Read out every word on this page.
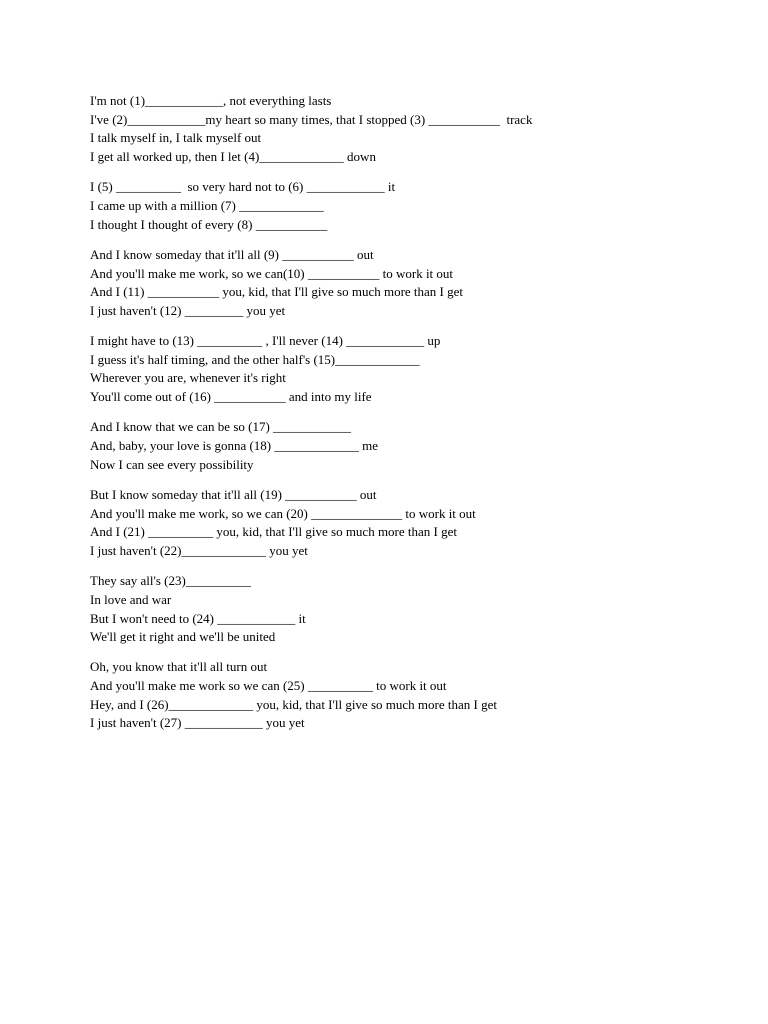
I'm not (1)____________, not everything lasts
I've (2)____________my heart so many times, that I stopped (3) ___________  track
I talk myself in, I talk myself out
I get all worked up, then I let (4)_____________ down
I (5) __________  so very hard not to (6) ____________ it
I came up with a million (7) _____________
I thought I thought of every (8) ___________
And I know someday that it'll all (9) ___________ out
And you'll make me work, so we can(10) ___________ to work it out
And I (11) ___________ you, kid, that I'll give so much more than I get
I just haven't (12) _________ you yet
I might have to (13) __________ , I'll never (14) ____________ up
I guess it's half timing, and the other half's (15)_____________
Wherever you are, whenever it's right
You'll come out of (16) ___________ and into my life
And I know that we can be so (17) ____________
And, baby, your love is gonna (18) _____________ me
Now I can see every possibility
But I know someday that it'll all (19) ___________ out
And you'll make me work, so we can (20) ______________ to work it out
And I (21) __________ you, kid, that I'll give so much more than I get
I just haven't (22)_____________ you yet
They say all's (23)__________
In love and war
But I won't need to (24) ____________ it
We'll get it right and we'll be united
Oh, you know that it'll all turn out
And you'll make me work so we can (25) __________ to work it out
Hey, and I (26)_____________ you, kid, that I'll give so much more than I get
I just haven't (27) ____________ you yet
